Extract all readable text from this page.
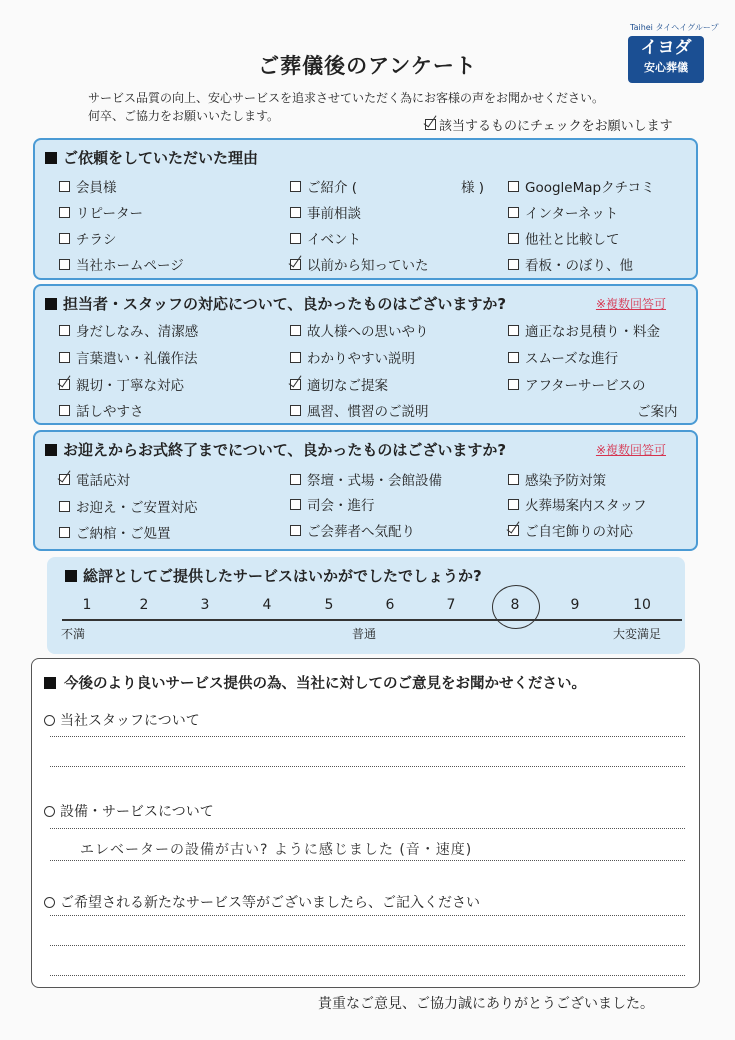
Taihei タイヘイグループ
イヨダ
安心葬儀
ご葬儀後のアンケート
サービス品質の向上、安心サービスを追求させていただく為にお客様の声をお聞かせください。
何卒、ご協力をお願いいたします。
該当するものにチェックをお願いします
ご依頼をしていただいた理由
会員様	ご紹介 (	様 )	GoogleMapクチコミ
リピーター	事前相談	インターネット
チラシ	イベント	他社と比較して
当社ホームページ	以前から知っていた	看板・のぼり、他
担当者・スタッフの対応について、良かったものはございますか?	※複数回答可
身だしなみ、清潔感	故人様への思いやり	適正なお見積り・料金
言葉遣い・礼儀作法	わかりやすい説明	スムーズな進行
親切・丁寧な対応	適切なご提案	アフターサービスの
話しやすさ	風習、慣習のご説明	ご案内
お迎えからお式終了までについて、良かったものはございますか?	※複数回答可
電話応対	祭壇・式場・会館設備	感染予防対策
お迎え・ご安置対応	司会・進行	火葬場案内スタッフ
ご納棺・ご処置	ご会葬者へ気配り	ご自宅飾りの対応
総評としてご提供したサービスはいかがでしたでしょうか?
1	2	3	4	5	6	7	8	9	10
不満	普通	大変満足
今後のより良いサービス提供の為、当社に対してのご意見をお聞かせください。
当社スタッフについて
設備・サービスについて
エレベーターの設備が古い? ように感じました (音・速度)
ご希望される新たなサービス等がございましたら、ご記入ください
貴重なご意見、ご協力誠にありがとうございました。
